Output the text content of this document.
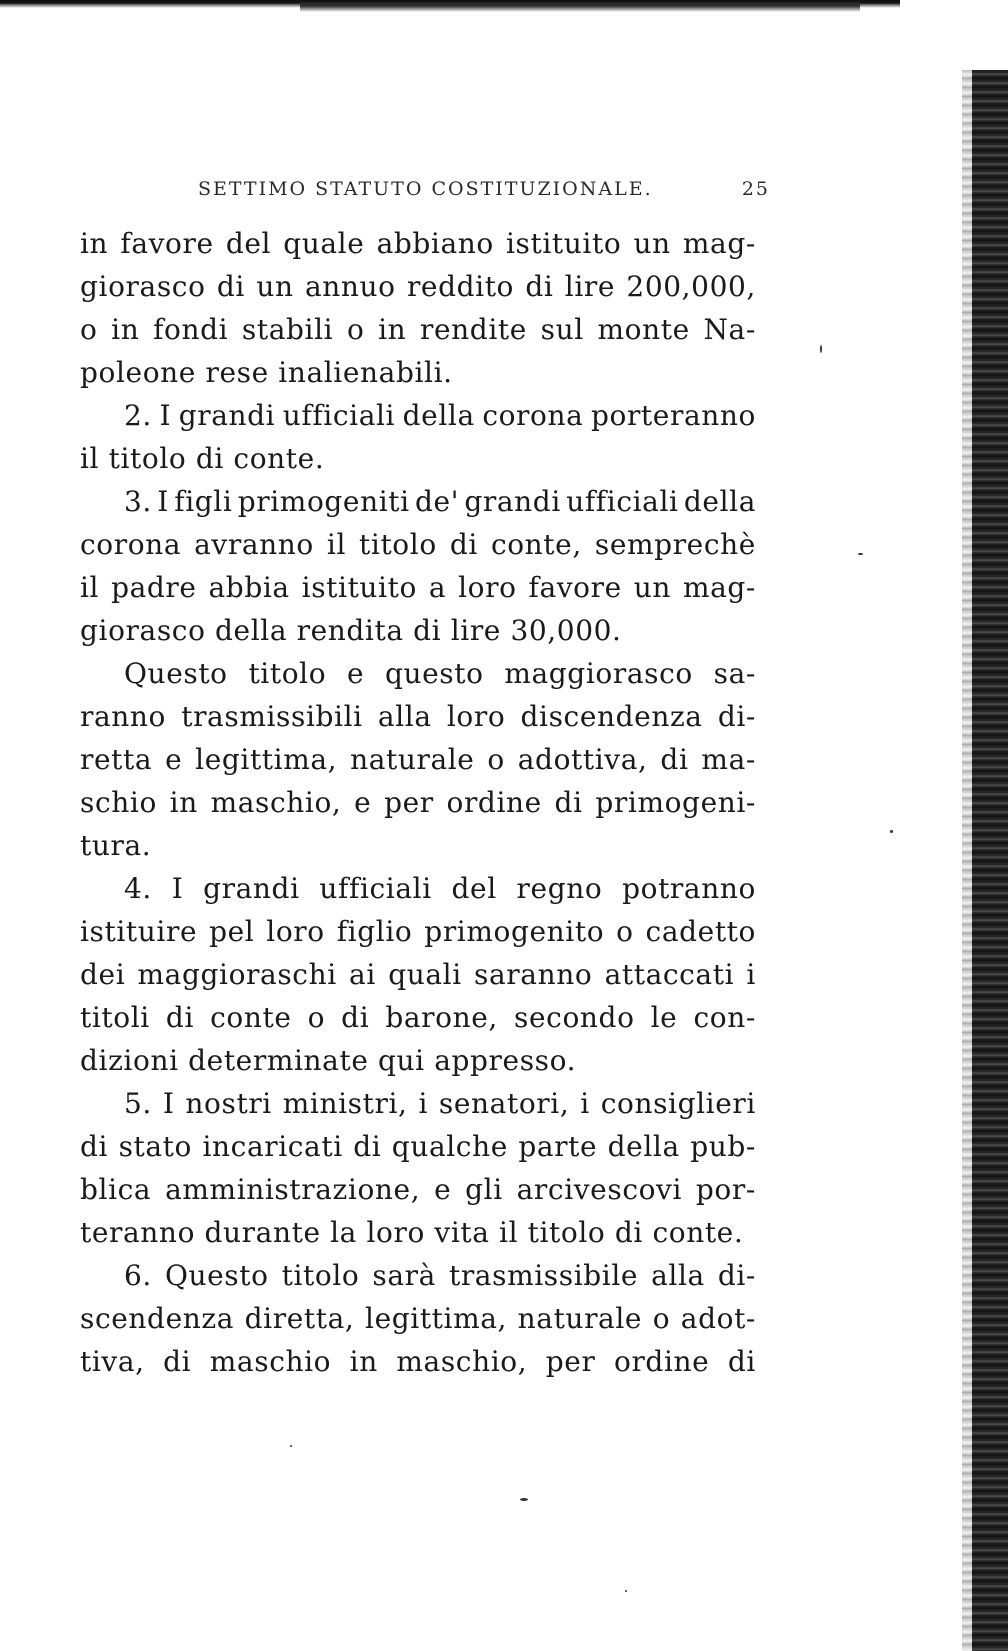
SETTIMO STATUTO COSTITUZIONALE.	25
in favore del quale abbiano istituito un mag-
giorasco di un annuo reddito di lire 200,000,
o in fondi stabili o in rendite sul monte Na-
poleone rese inalienabili.
2. I grandi ufficiali della corona porteranno
il titolo di conte.
3. I figli primogeniti de' grandi ufficiali della
corona avranno il titolo di conte, semprechè
il padre abbia istituito a loro favore un mag-
giorasco della rendita di lire 30,000.
Questo titolo e questo maggiorasco sa-
ranno trasmissibili alla loro discendenza di-
retta e legittima, naturale o adottiva, di ma-
schio in maschio, e per ordine di primogeni-
tura.
4. I grandi ufficiali del regno potranno
istituire pel loro figlio primogenito o cadetto
dei maggioraschi ai quali saranno attaccati i
titoli di conte o di barone, secondo le con-
dizioni determinate qui appresso.
5. I nostri ministri, i senatori, i consiglieri
di stato incaricati di qualche parte della pub-
blica amministrazione, e gli arcivescovi por-
teranno durante la loro vita il titolo di conte.
6. Questo titolo sarà trasmissibile alla di-
scendenza diretta, legittima, naturale o adot-
tiva, di maschio in maschio, per ordine di
